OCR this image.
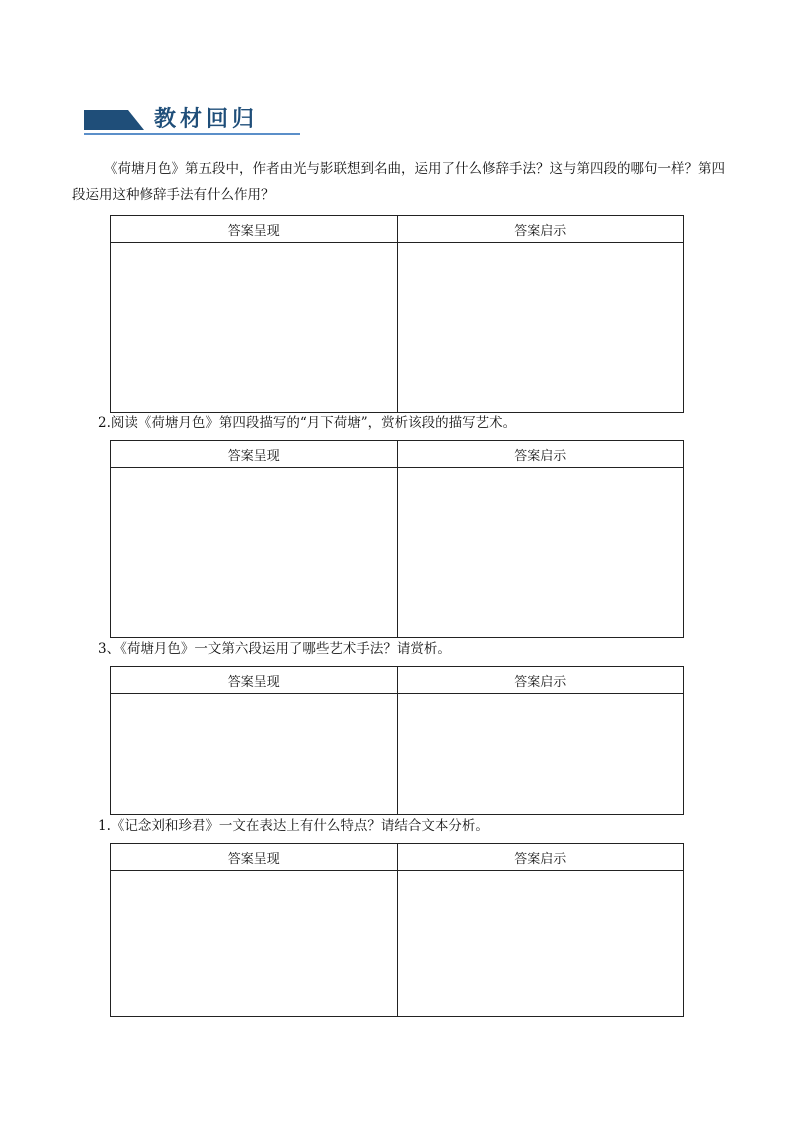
教材回归
《荷塘月色》第五段中，作者由光与影联想到名曲，运用了什么修辞手法？这与第四段的哪句一样？第四段运用这种修辞手法有什么作用？
答案呈现	答案启示

2.阅读《荷塘月色》第四段描写的“月下荷塘”，赏析该段的描写艺术。
答案呈现	答案启示

3、《荷塘月色》一文第六段运用了哪些艺术手法？请赏析。
答案呈现	答案启示

1.《记念刘和珍君》一文在表达上有什么特点？请结合文本分析。
答案呈现	答案启示
